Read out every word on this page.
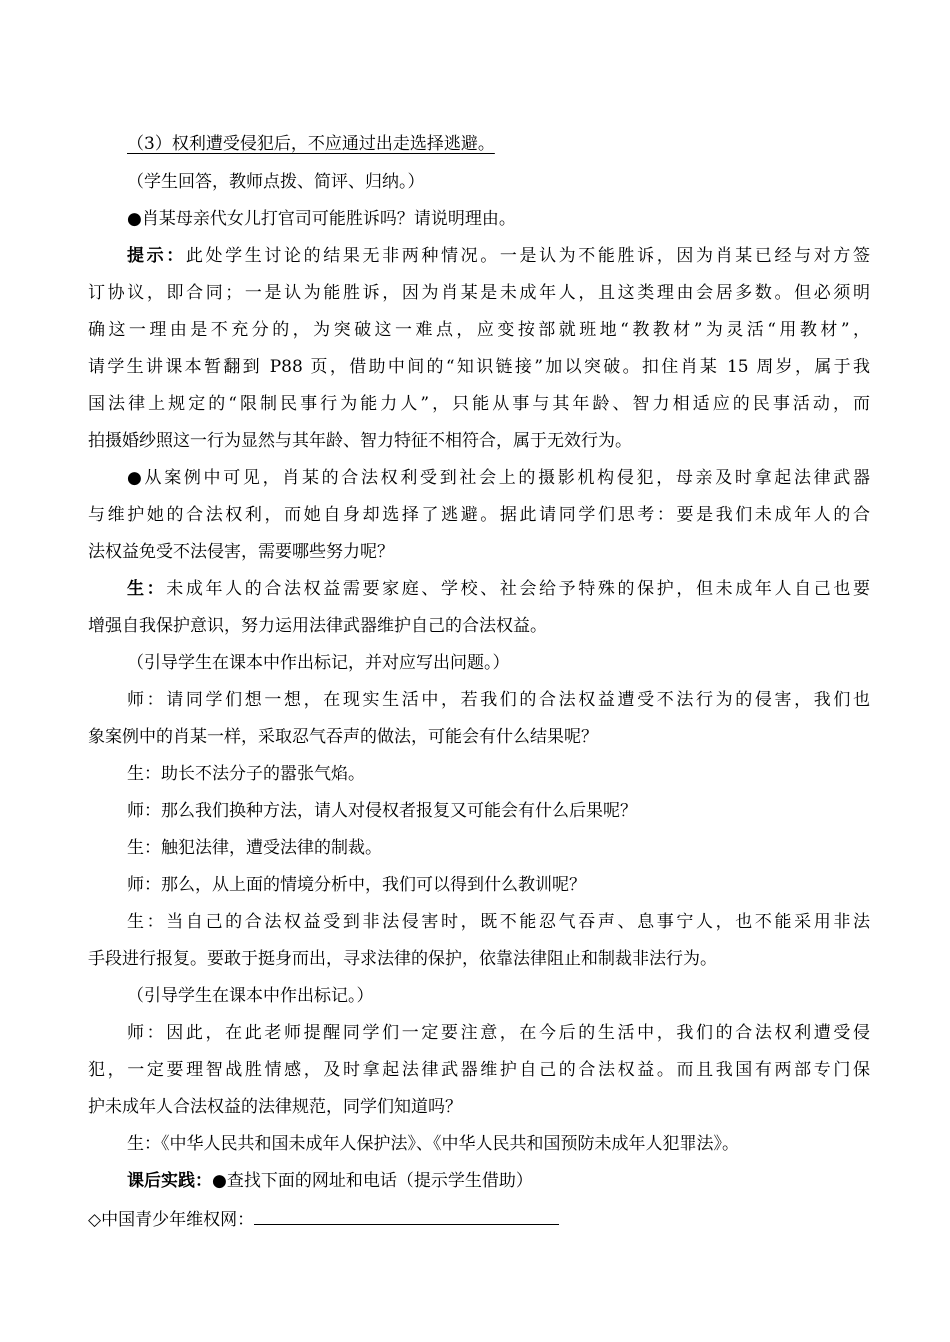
（3）权利遭受侵犯后，不应通过出走选择逃避。
（学生回答，教师点拨、简评、归纳。）
●肖某母亲代女儿打官司可能胜诉吗？请说明理由。
提示：此处学生讨论的结果无非两种情况。一是认为不能胜诉，因为肖某已经与对方签
订协议，即合同；一是认为能胜诉，因为肖某是未成年人，且这类理由会居多数。但必须明
确这一理由是不充分的，为突破这一难点，应变按部就班地“教教材”为灵活“用教材”，
请学生讲课本暂翻到 P88 页，借助中间的“知识链接”加以突破。扣住肖某 15 周岁，属于我
国法律上规定的“限制民事行为能力人”，只能从事与其年龄、智力相适应的民事活动，而
拍摄婚纱照这一行为显然与其年龄、智力特征不相符合，属于无效行为。
●从案例中可见，肖某的合法权利受到社会上的摄影机构侵犯，母亲及时拿起法律武器
与维护她的合法权利，而她自身却选择了逃避。据此请同学们思考：要是我们未成年人的合
法权益免受不法侵害，需要哪些努力呢？
生：未成年人的合法权益需要家庭、学校、社会给予特殊的保护，但未成年人自己也要
增强自我保护意识，努力运用法律武器维护自己的合法权益。
（引导学生在课本中作出标记，并对应写出问题。）
师：请同学们想一想，在现实生活中，若我们的合法权益遭受不法行为的侵害，我们也
象案例中的肖某一样，采取忍气吞声的做法，可能会有什么结果呢？
生：助长不法分子的嚣张气焰。
师：那么我们换种方法，请人对侵权者报复又可能会有什么后果呢？
生：触犯法律，遭受法律的制裁。
师：那么，从上面的情境分析中，我们可以得到什么教训呢？
生：当自己的合法权益受到非法侵害时，既不能忍气吞声、息事宁人，也不能采用非法
手段进行报复。要敢于挺身而出，寻求法律的保护，依靠法律阻止和制裁非法行为。
（引导学生在课本中作出标记。）
师：因此，在此老师提醒同学们一定要注意，在今后的生活中，我们的合法权利遭受侵
犯，一定要理智战胜情感，及时拿起法律武器维护自己的合法权益。而且我国有两部专门保
护未成年人合法权益的法律规范，同学们知道吗？
生：《中华人民共和国未成年人保护法》、《中华人民共和国预防未成年人犯罪法》。
课后实践：●查找下面的网址和电话（提示学生借助）
◇中国青少年维权网：
